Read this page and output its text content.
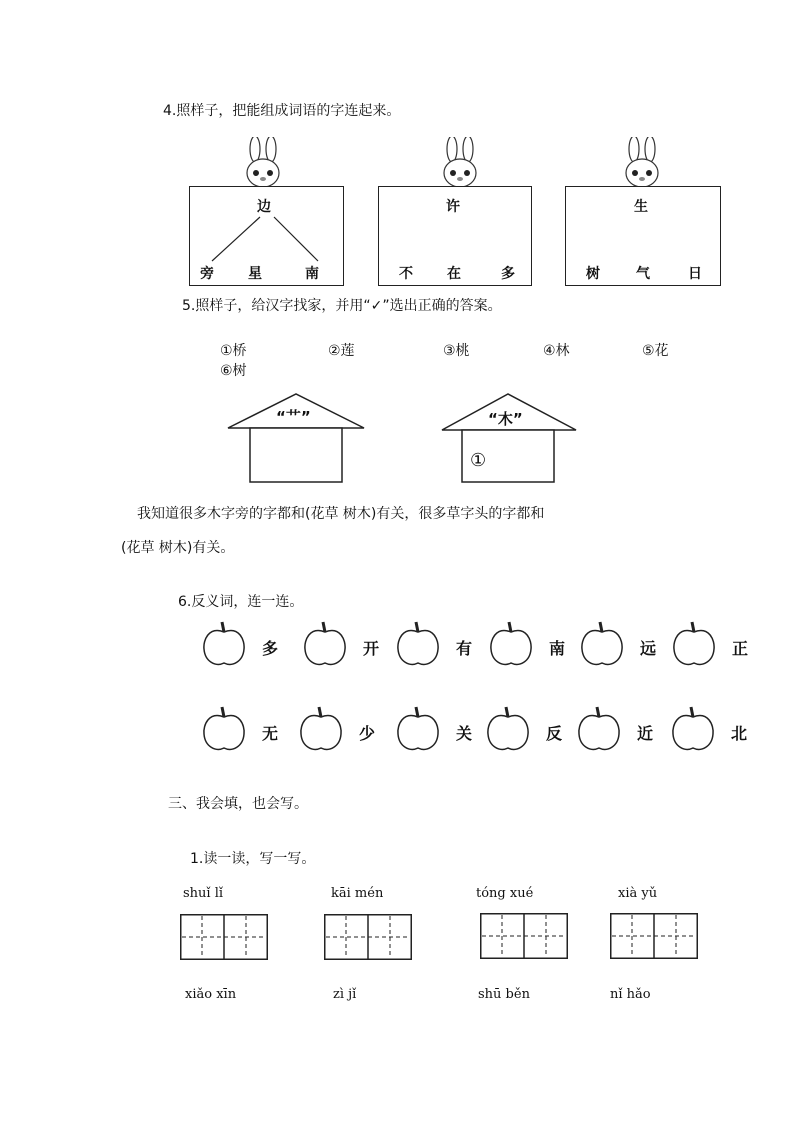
4.照样子，把能组成词语的字连起来。
边
旁 星	南
许
不 在	多
生
树	气	日
5.照样子，给汉字找家，并用“✓”选出正确的答案。
①桥	②莲	③桃	④林	⑤花
⑥树
“艹”	“木”
①
我知道很多木字旁的字都和(花草 树木)有关，很多草字头的字都和
(花草 树木)有关。
6.反义词，连一连。
多	开	有	南	远	正
无	少	关	反	近	北
三、我会填，也会写。
1.读一读，写一写。
shuǐ lǐ	kāi mén	tóng xué	xià yǔ
xiǎo xīn	zì jǐ	shū běn	nǐ hǎo
